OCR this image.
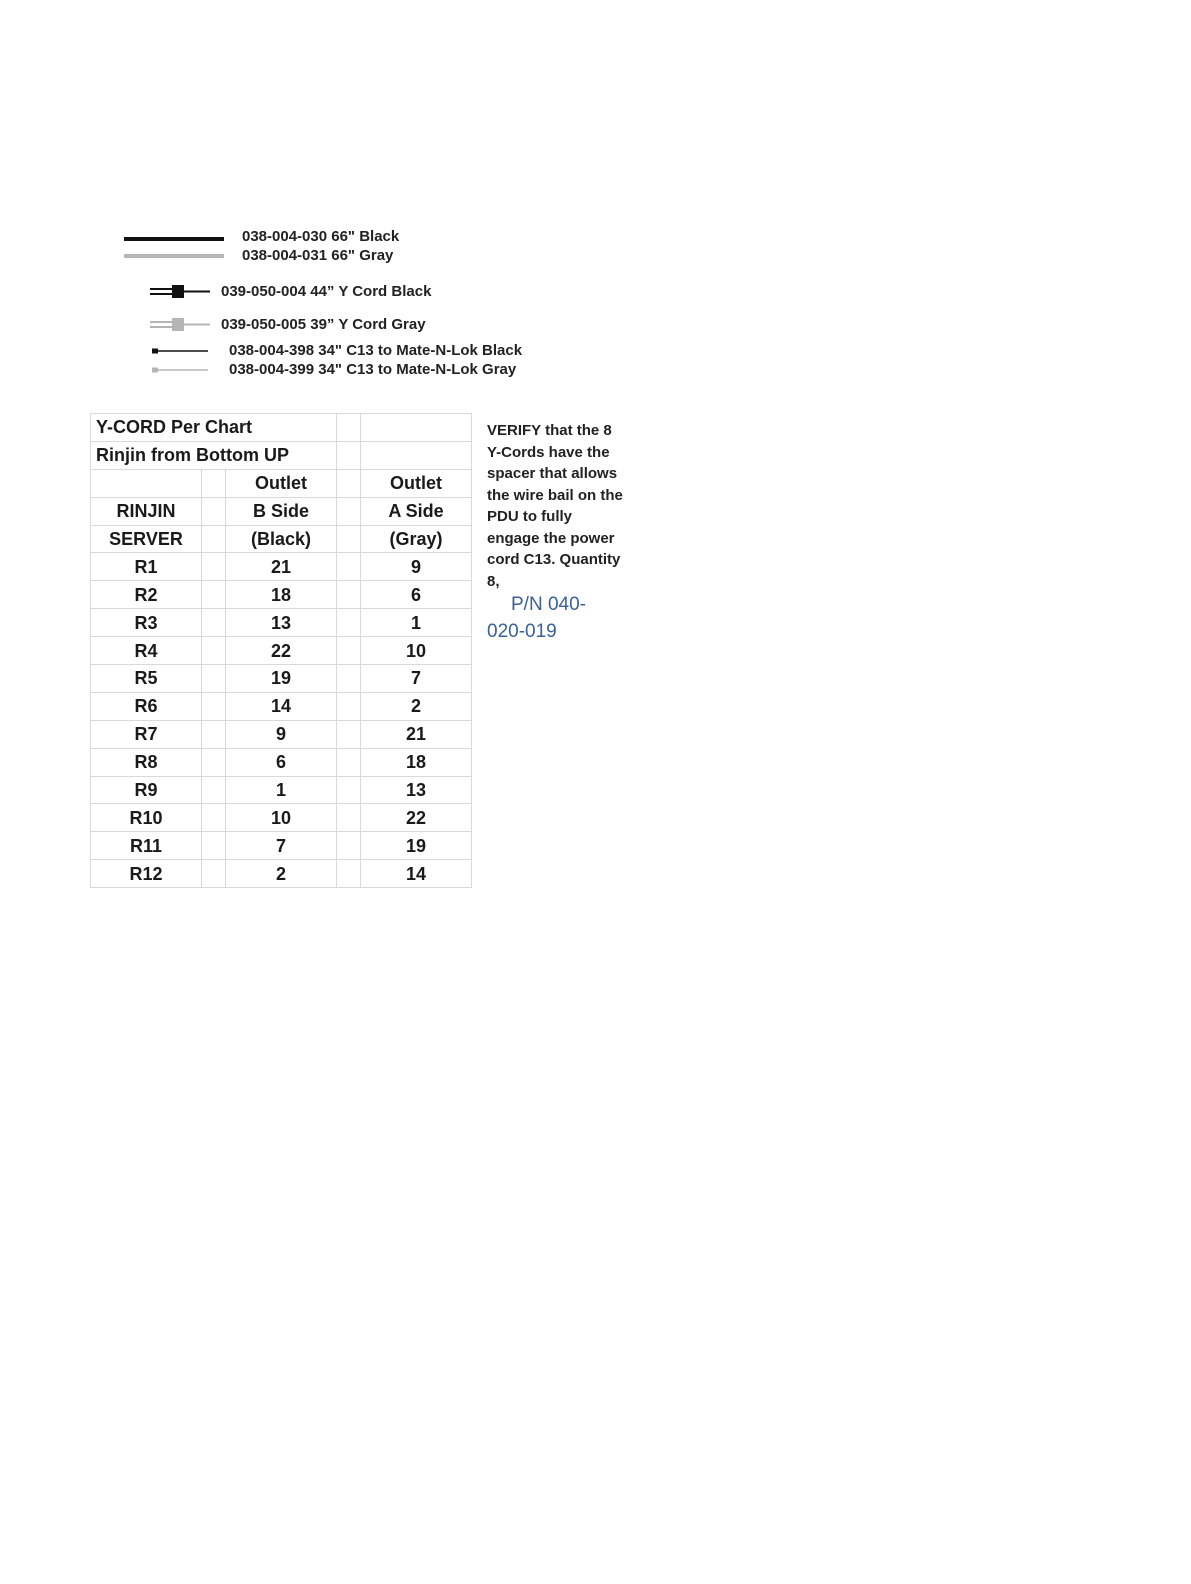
038-004-030 66" Black
038-004-031 66" Gray
039-050-004 44” Y Cord Black
039-050-005 39” Y Cord Gray
038-004-398 34" C13 to Mate-N-Lok Black
038-004-399 34" C13 to Mate-N-Lok Gray
Y-CORD Per Chart				
Rinjin from Bottom UP				
		Outlet		Outlet
RINJIN		B Side		A Side
SERVER		(Black)		(Gray)
R1		21		9
R2		18		6
R3		13		1
R4		22		10
R5		19		7
R6		14		2
R7		9		21
R8		6		18
R9		1		13
R10		10		22
R11		7		19
R12		2		14
VERIFY that the 8 Y-Cords have the spacer that allows the wire bail on the PDU to fully engage the power cord C13. Quantity 8,
P/N 040-
020-019
